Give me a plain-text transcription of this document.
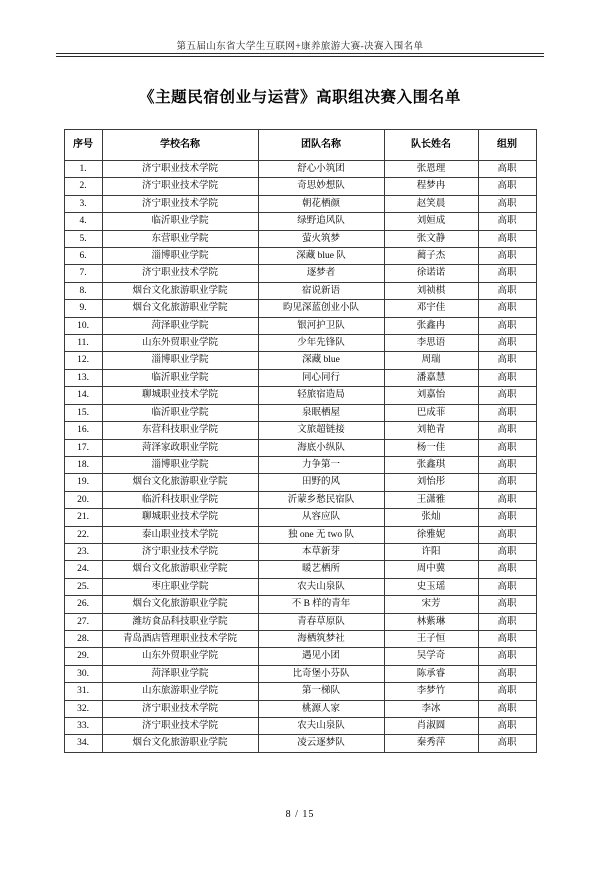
第五届山东省大学生互联网+康养旅游大赛-决赛入围名单
《主题民宿创业与运营》高职组决赛入围名单
序号	学校名称	团队名称	队长姓名	组别
1.	济宁职业技术学院	舒心小筑团	张恩理	高职
2.	济宁职业技术学院	奇思妙想队	程梦冉	高职
3.	济宁职业技术学院	朝花栖颜	赵笑晨	高职
4.	临沂职业学院	绿野追风队	刘姮成	高职
5.	东营职业学院	萤火筑梦	张文静	高职
6.	淄博职业学院	深藏 blue 队	蔺子杰	高职
7.	济宁职业技术学院	逐梦者	徐诺诺	高职
8.	烟台文化旅游职业学院	宿说新语	刘祯棋	高职
9.	烟台文化旅游职业学院	昀见深蓝创业小队	邓宇佳	高职
10.	菏泽职业学院	银河护卫队	张鑫冉	高职
11.	山东外贸职业学院	少年先锋队	李思语	高职
12.	淄博职业学院	深藏 blue	周瑞	高职
13.	临沂职业学院	同心同行	潘嘉慧	高职
14.	聊城职业技术学院	轻旅宿造局	刘嘉怡	高职
15.	临沂职业学院	泉眠栖屋	巴成菲	高职
16.	东营科技职业学院	文旅超链接	刘艳青	高职
17.	菏泽家政职业学院	海底小纵队	杨一佳	高职
18.	淄博职业学院	力争第一	张鑫琪	高职
19.	烟台文化旅游职业学院	田野的风	刘怡彤	高职
20.	临沂科技职业学院	沂蒙乡愁民宿队	王潇雅	高职
21.	聊城职业技术学院	从容应队	张灿	高职
22.	泰山职业技术学院	独 one 无 two 队	徐雅妮	高职
23.	济宁职业技术学院	本草新芽	许阳	高职
24.	烟台文化旅游职业学院	暖艺栖所	周中冀	高职
25.	枣庄职业学院	农夫山泉队	史玉瑶	高职
26.	烟台文化旅游职业学院	不 B 样的青年	宋芳	高职
27.	潍坊食品科技职业学院	青春草原队	林紫琳	高职
28.	青岛酒店管理职业技术学院	海栖筑梦社	王子恒	高职
29.	山东外贸职业学院	遇见小团	吴学奇	高职
30.	菏泽职业学院	比奇堡小芬队	陈承睿	高职
31.	山东旅游职业学院	第一梯队	李梦竹	高职
32.	济宁职业技术学院	桃源人家	李冰	高职
33.	济宁职业技术学院	农夫山泉队	肖淑圆	高职
34.	烟台文化旅游职业学院	凌云逐梦队	秦秀萍	高职
8 / 15
